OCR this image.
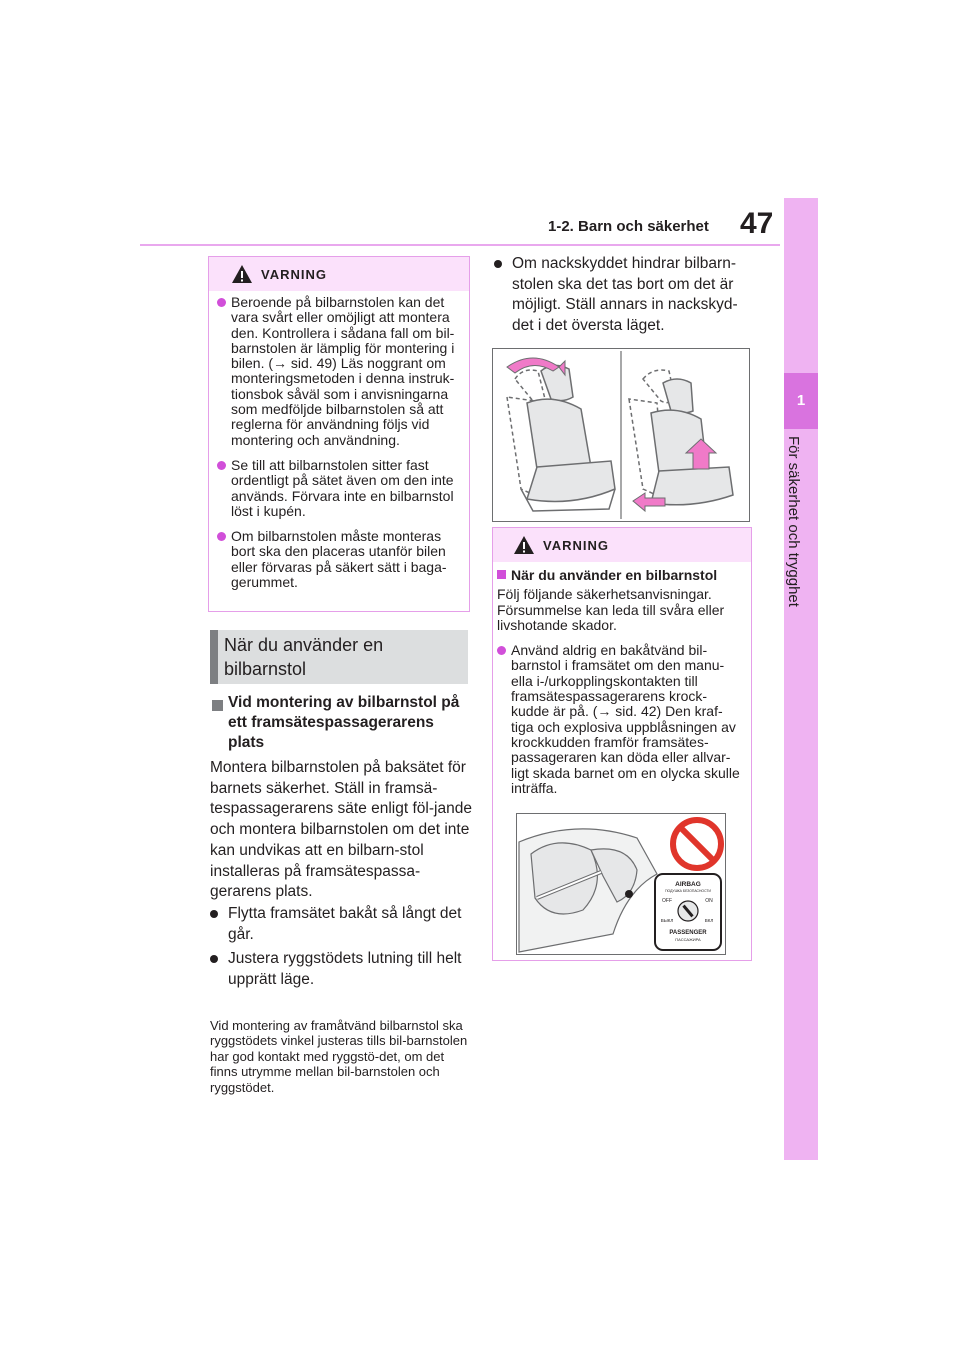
1-2. Barn och säkerhet 47
1
För säkerhet och trygghet
VARNING
Beroende på bilbarnstolen kan det vara svårt eller omöjligt att montera den. Kontrollera i sådana fall om bil-barnstolen är lämplig för montering i bilen. (→ sid. 49) Läs noggrant om monteringsmetoden i denna instruk-tionsbok såväl som i anvisningarna som medföljde bilbarnstolen så att reglerna för användning följs vid montering och användning.
Se till att bilbarnstolen sitter fast ordentligt på sätet även om den inte används. Förvara inte en bilbarnstol löst i kupén.
Om bilbarnstolen måste monteras bort ska den placeras utanför bilen eller förvaras på säkert sätt i baga-gerummet.
När du använder en bilbarnstol
Vid montering av bilbarnstol på ett framsätespassagerarens plats
Montera bilbarnstolen på baksätet för barnets säkerhet. Ställ in framsä-tespassagerarens säte enligt föl-jande och montera bilbarnstolen om det inte kan undvikas att en bilbarn-stol installeras på framsätespassa-gerarens plats.
Flytta framsätet bakåt så långt det går.
Justera ryggstödets lutning till helt upprätt läge.
Vid montering av framåtvänd bilbarnstol ska ryggstödets vinkel justeras tills bil-barnstolen har god kontakt med ryggstö-det, om det finns utrymme mellan bil-barnstolen och ryggstödet.
Om nackskyddet hindrar bilbarn-stolen ska det tas bort om det är möjligt. Ställ annars in nackskyd-det i det översta läget.
VARNING
När du använder en bilbarnstol
Följ följande säkerhetsanvisningar. Försummelse kan leda till svåra eller livshotande skador.
Använd aldrig en bakåtvänd bil-barnstol i framsätet om den manu-ella i-/urkopplingskontakten till framsätespassagerarens krock-kudde är på. (→ sid. 42) Den kraf-tiga och explosiva uppblåsningen av krockkudden framför framsätes-passageraren kan döda eller allvar-ligt skada barnet om en olycka skulle inträffa.
AIRBAG
ПОДУШКА БЕЗОПАСНОСТИ
OFF	ON
ВЫКЛ	ВКЛ
PASSENGER
ПАССАЖИРА
